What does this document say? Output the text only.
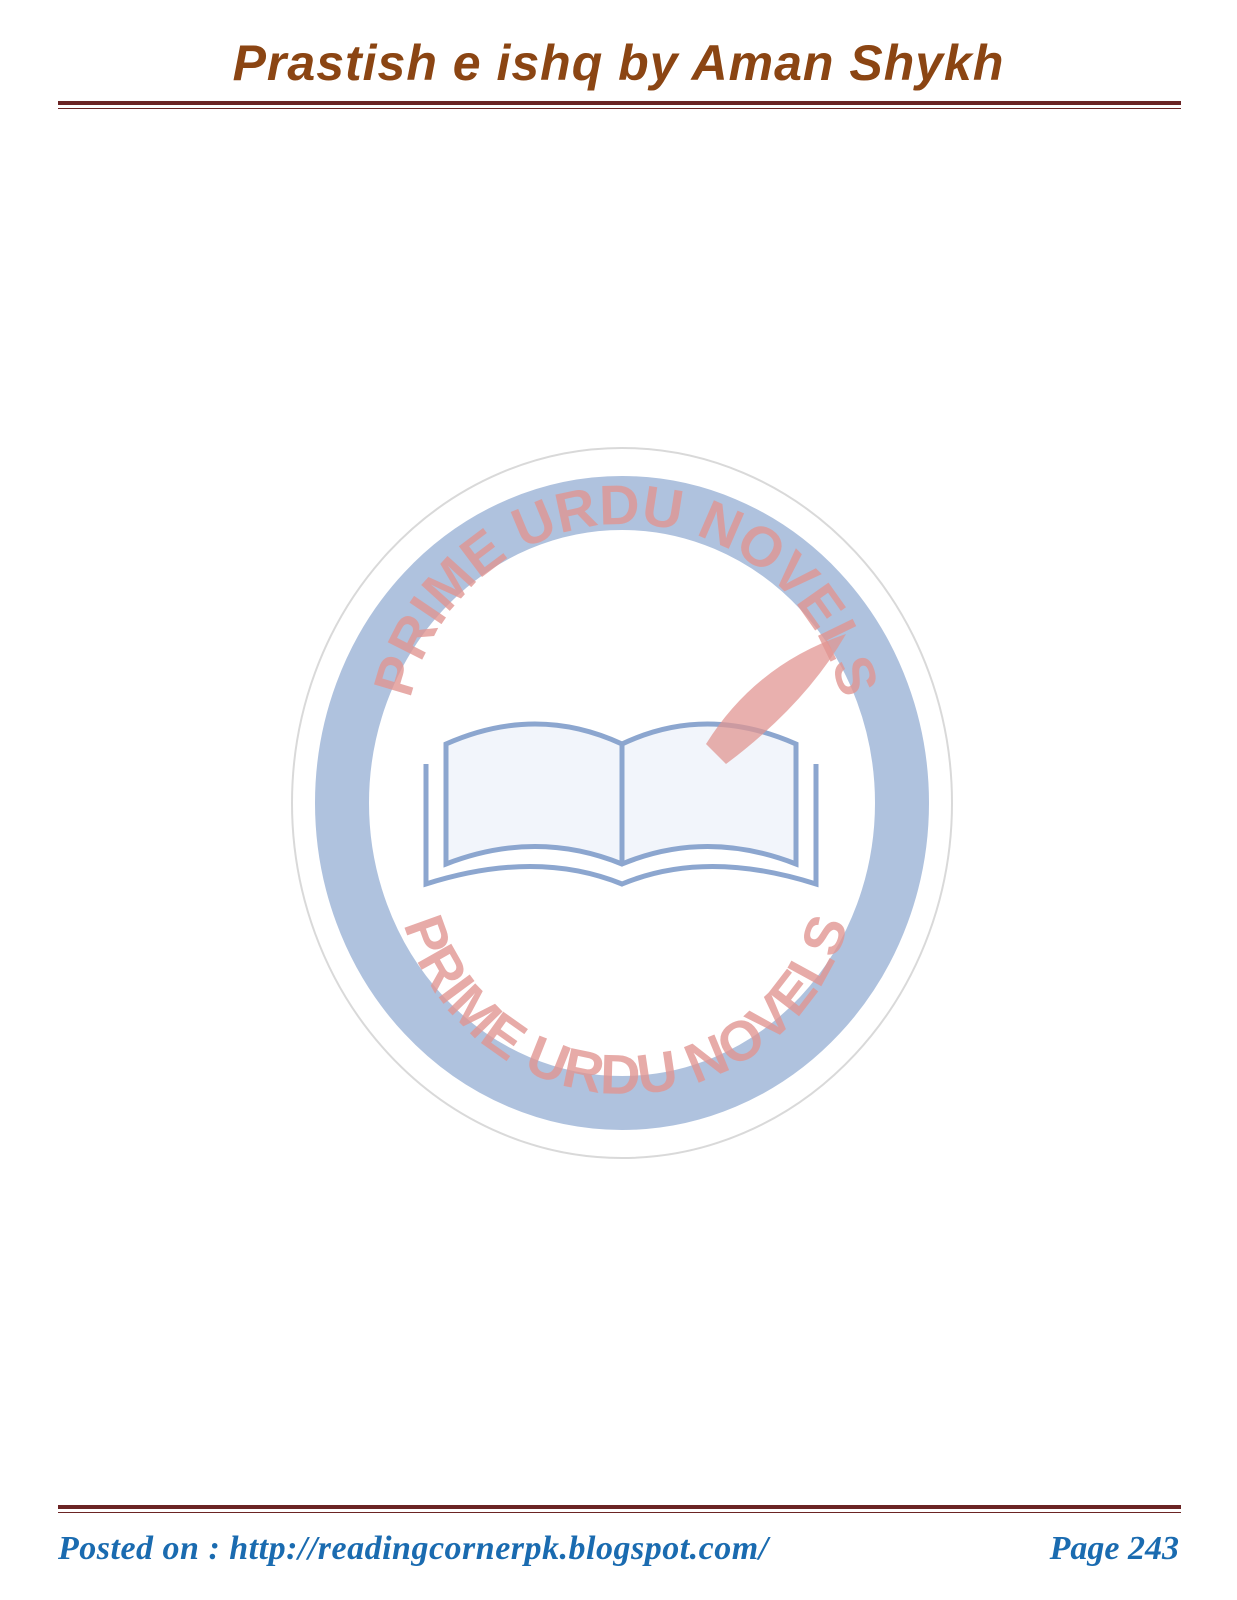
Prastish e ishq by Aman Shykh
PRIME URDU NOVELS
PRIME URDU NOVELS
Posted on : http://readingcornerpk.blogspot.com/	Page 243
